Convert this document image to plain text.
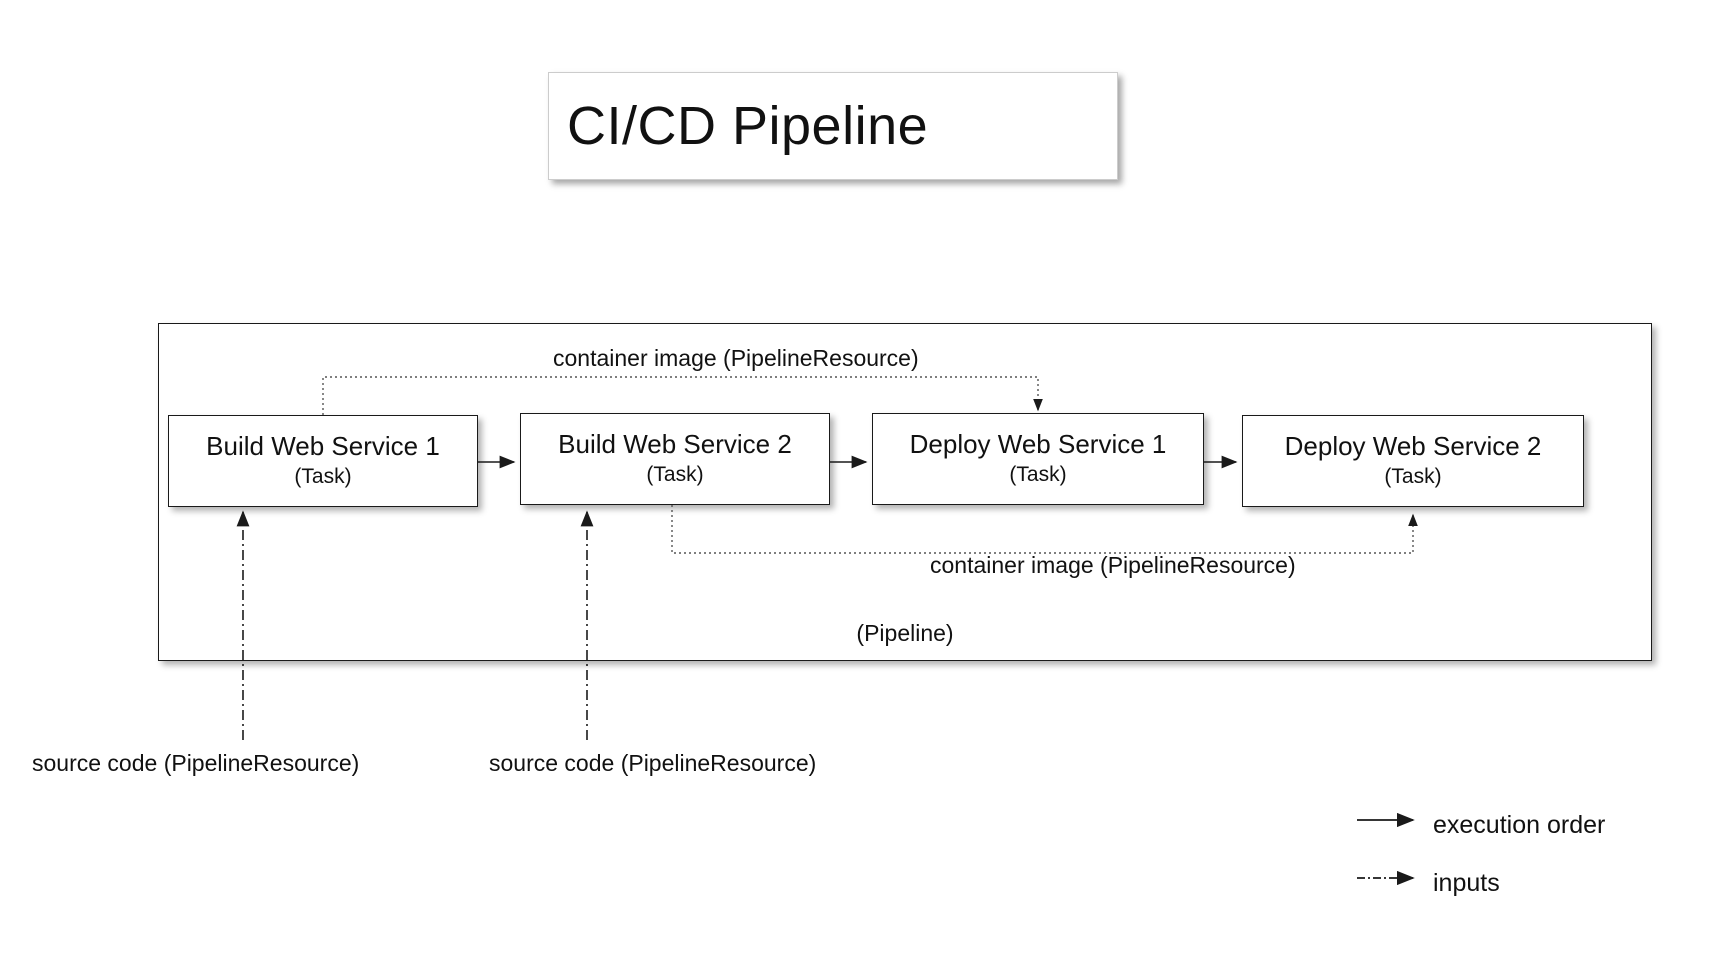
CI/CD Pipeline
(Pipeline)
Build Web Service 1
(Task)
Build Web Service 2
(Task)
Deploy Web Service 1
(Task)
Deploy Web Service 2
(Task)
container image (PipelineResource)
container image (PipelineResource)
source code (PipelineResource)	source code (PipelineResource)
execution order
inputs
